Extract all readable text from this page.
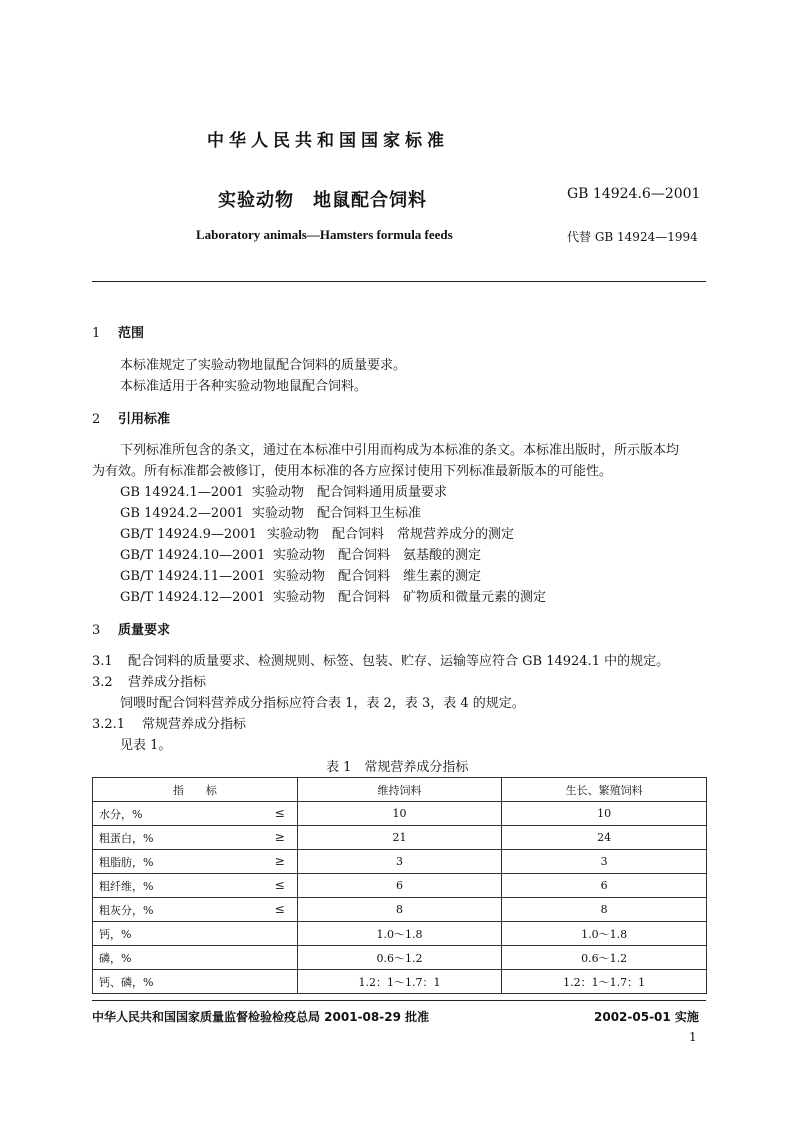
中华人民共和国国家标准
实验动物　地鼠配合饲料	GB 14924.6—2001
Laboratory animals—Hamsters formula feeds	代替 GB 14924—1994
1 范围
本标准规定了实验动物地鼠配合饲料的质量要求。
本标准适用于各种实验动物地鼠配合饲料。
2 引用标准
下列标准所包含的条文，通过在本标准中引用而构成为本标准的条文。本标准出版时，所示版本均
为有效。所有标准都会被修订，使用本标准的各方应探讨使用下列标准最新版本的可能性。
GB 14924.1—2001 实验动物　配合饲料通用质量要求
GB 14924.2—2001 实验动物　配合饲料卫生标准
GB/T 14924.9—2001 实验动物　配合饲料　常规营养成分的测定
GB/T 14924.10—2001 实验动物　配合饲料　氨基酸的测定
GB/T 14924.11—2001 实验动物　配合饲料　维生素的测定
GB/T 14924.12—2001 实验动物　配合饲料　矿物质和微量元素的测定
3 质量要求
3.1 配合饲料的质量要求、检测规则、标签、包装、贮存、运输等应符合 GB 14924.1 中的规定。
3.2 营养成分指标
饲喂时配合饲料营养成分指标应符合表 1，表 2，表 3，表 4 的规定。
3.2.1 常规营养成分指标
见表 1。
表 1　常规营养成分指标
指　　标	维持饲料	生长、繁殖饲料
水分，% ≤	10	10
粗蛋白，% ≥	21	24
粗脂肪，% ≥	3	3
粗纤维，% ≤	6	6
粗灰分，% ≤	8	8
钙，%	1.0～1.8	1.0～1.8
磷，%	0.6～1.2	0.6～1.2
钙、磷，%	1.2：1～1.7：1	1.2：1～1.7：1
中华人民共和国国家质量监督检验检疫总局 2001-08-29 批准	2002-05-01 实施
1
